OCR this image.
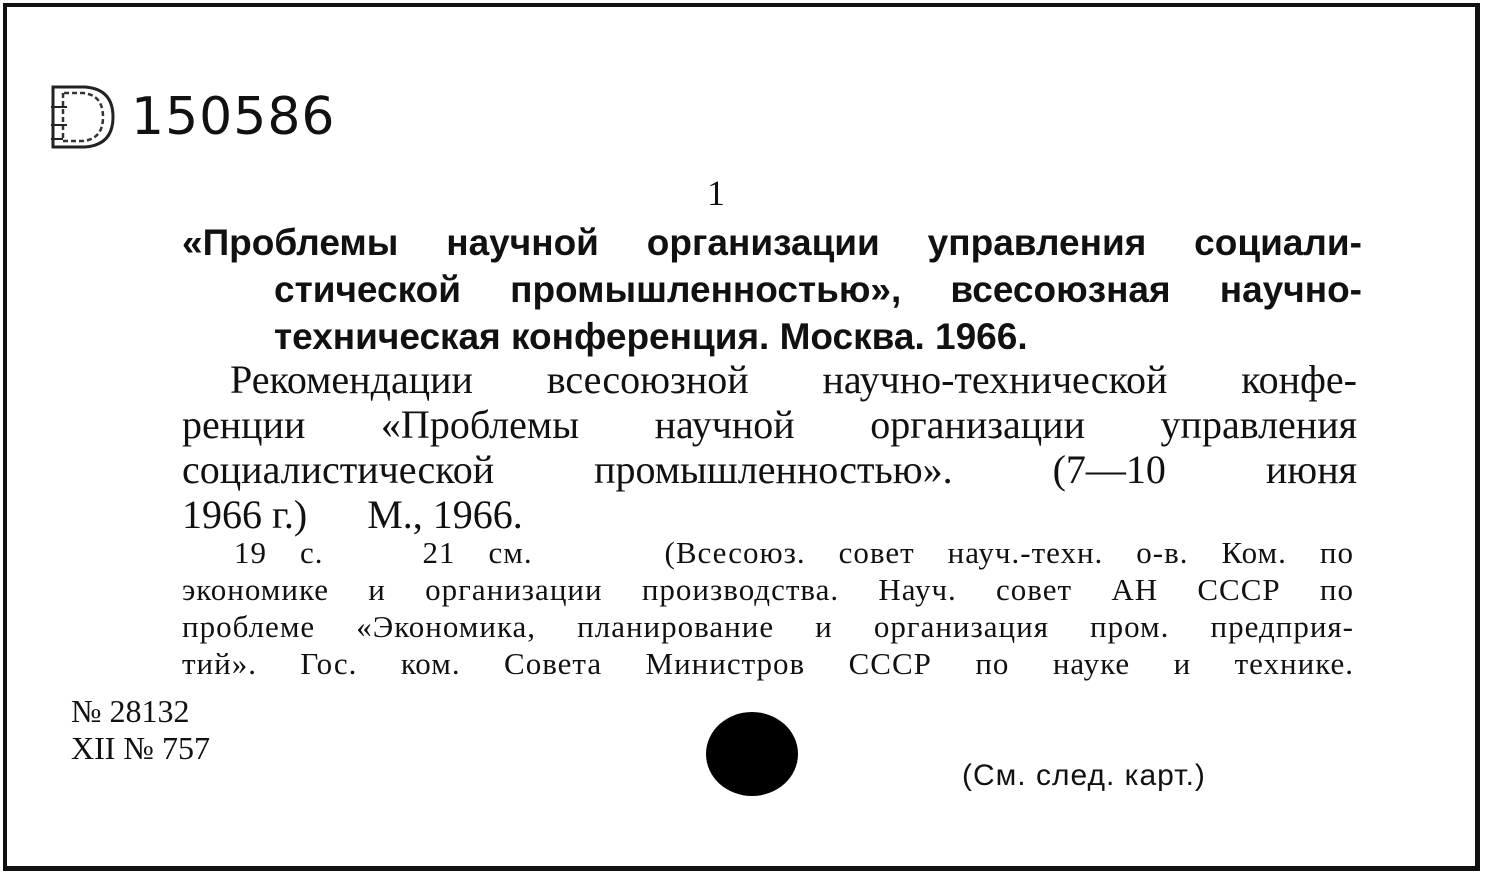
150586
1
«Проблемы научной организации управления социали-
стической промышленностью», всесоюзная научно-
техническая конференция. Москва. 1966.
Рекомендации всесоюзной научно-технической конфе-
ренции «Проблемы научной организации управления
социалистической промышленностью». (7—10 июня
1966 г.)      М., 1966.
19 с.   21 см.    (Всесоюз. совет науч.-техн. о-в. Ком. по
экономике и организации производства. Науч. совет АН СССР по
проблеме «Экономика, планирование и организация пром. предприя-
тий». Гос. ком. Совета Министров СССР по науке и технике.
№ 28132
XII № 757
(См. след. карт.)
